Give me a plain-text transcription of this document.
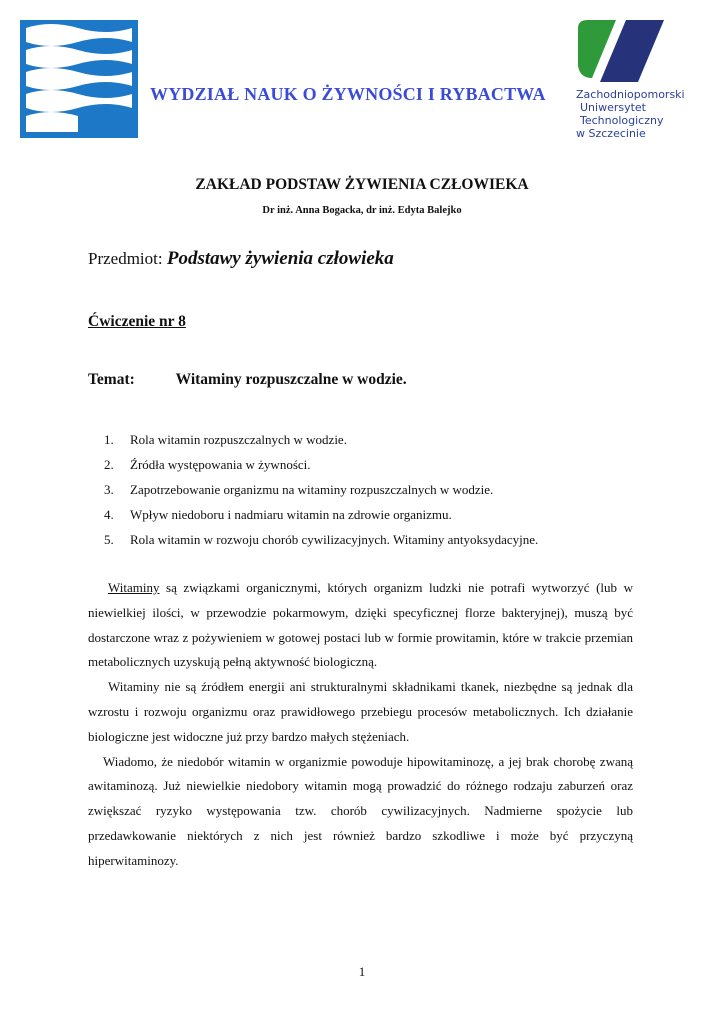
WYDZIAŁ NAUK O ŻYWNOŚCI I RYBACTWA	Zachodniopomorski
Uniwersytet
Technologiczny
w Szczecinie
ZAKŁAD PODSTAW ŻYWIENIA CZŁOWIEKA
Dr inż. Anna Bogacka, dr inż. Edyta Balejko
Przedmiot: Podstawy żywienia człowieka
Ćwiczenie nr 8
Temat:	Witaminy rozpuszczalne w wodzie.
1. Rola witamin rozpuszczalnych w wodzie.
2. Źródła występowania w żywności.
3. Zapotrzebowanie organizmu na witaminy rozpuszczalnych w wodzie.
4. Wpływ niedoboru i nadmiaru witamin na zdrowie organizmu.
5. Rola witamin w rozwoju chorób cywilizacyjnych. Witaminy antyoksydacyjne.

Witaminy są związkami organicznymi, których organizm ludzki nie potrafi wytworzyć (lub w niewielkiej ilości, w przewodzie pokarmowym, dzięki specyficznej florze bakteryjnej), muszą być dostarczone wraz z pożywieniem w gotowej postaci lub w formie prowitamin, które w trakcie przemian metabolicznych uzyskują pełną aktywność biologiczną.

Witaminy nie są źródłem energii ani strukturalnymi składnikami tkanek, niezbędne są jednak dla wzrostu i rozwoju organizmu oraz prawidłowego przebiegu procesów metabolicznych. Ich działanie biologiczne jest widoczne już przy bardzo małych stężeniach.

Wiadomo, że niedobór witamin w organizmie powoduje hipowitaminozę, a jej brak chorobę zwaną awitaminozą. Już niewielkie niedobory witamin mogą prowadzić do różnego rodzaju zaburzeń oraz zwiększać ryzyko występowania tzw. chorób cywilizacyjnych. Nadmierne spożycie lub przedawkowanie niektórych z nich jest również bardzo szkodliwe i może być przyczyną hiperwitaminozy.

1
